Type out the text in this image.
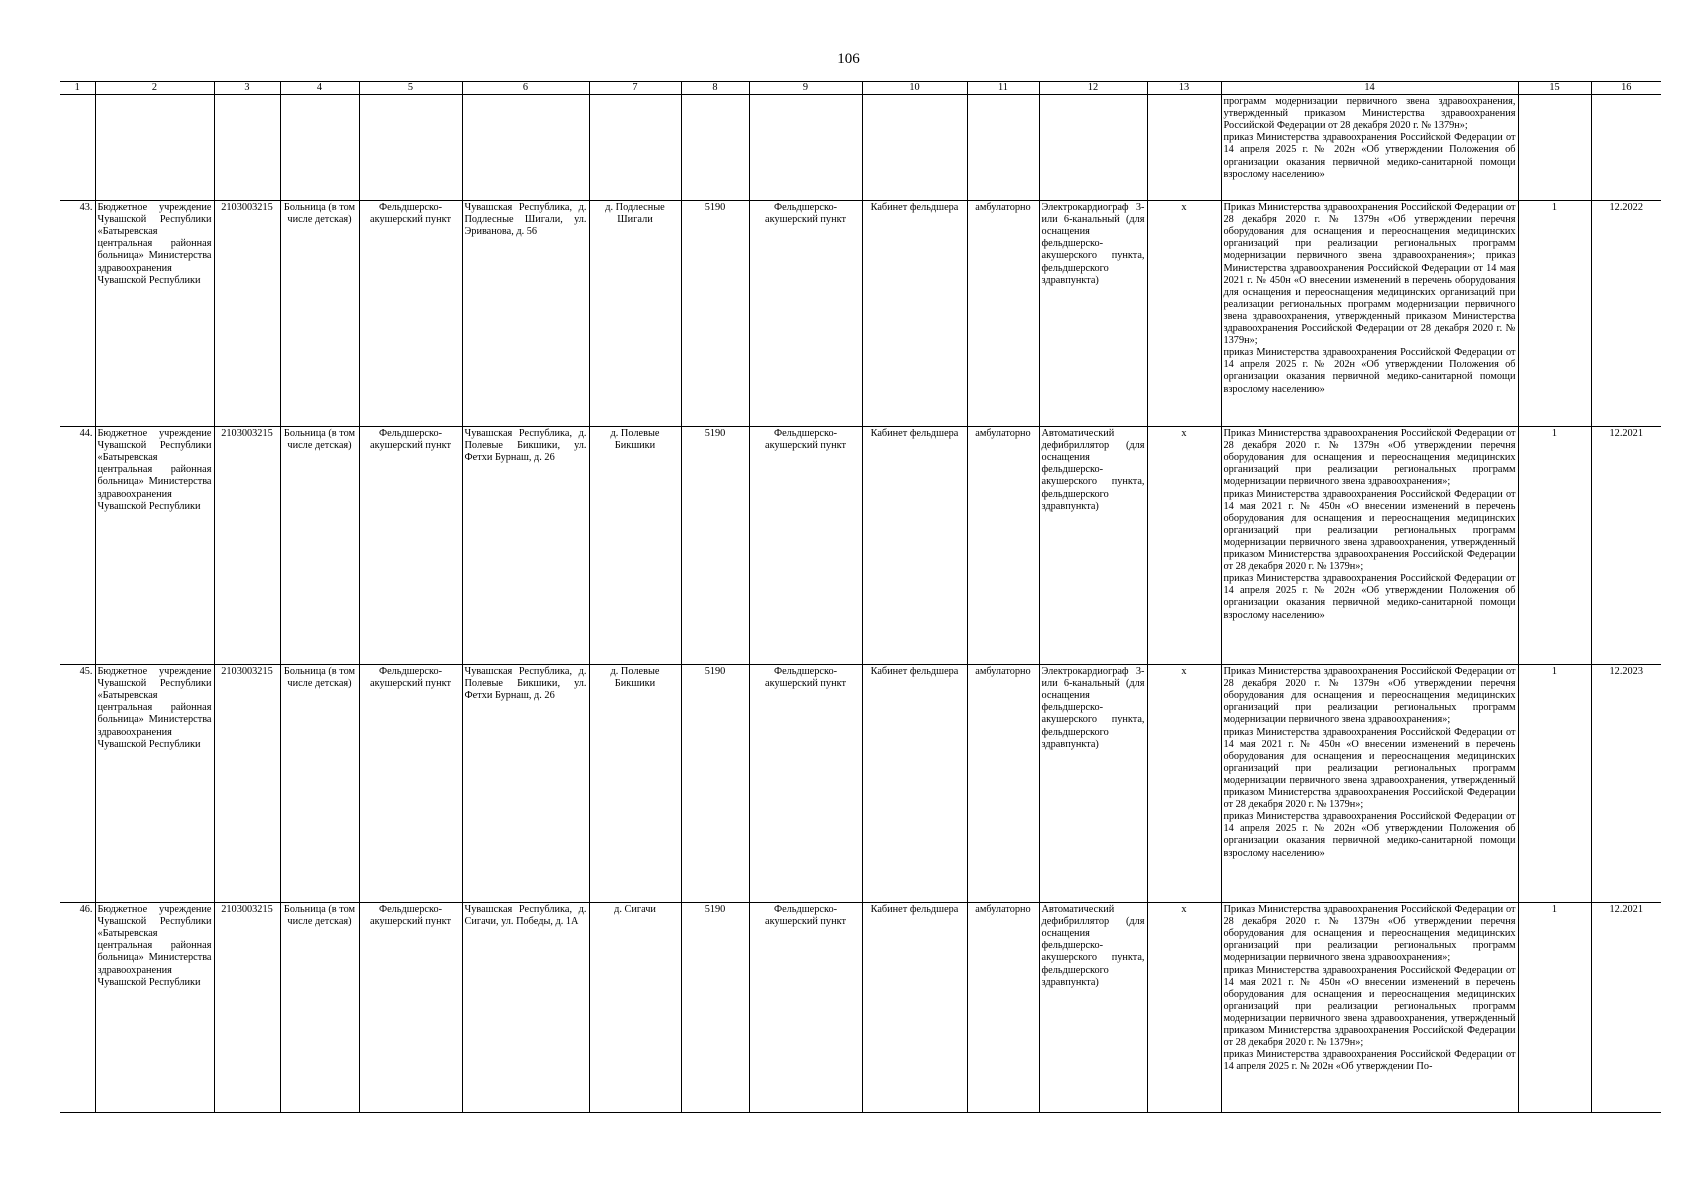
106
1	2	3	4	5	6	7	8	9	10	11	12	13	14	15	16
													программ модернизации первичного звена здравоохранения, утвержденный приказом Министерства здравоохранения Российской Федерации от 28 декабря 2020 г. № 1379н»;
приказ Министерства здравоохранения Российской Федерации от 14 апреля 2025 г. № 202н «Об утверждении Положения об организации оказания первичной медико-санитарной помощи взрослому населению»		
43.	Бюджетное учреждение Чувашской Республики «Батыревская центральная районная больница» Министерства здравоохранения Чувашской Республики	2103003215	Больница (в том числе детская)	Фельдшерско-акушерский пункт	Чувашская Республика, д. Подлесные Шигали, ул. Эриванова, д. 56	д. Подлесные Шигали	5190	Фельдшерско-акушерский пункт	Кабинет фельдшера	амбулаторно	Электрокардиограф 3- или 6-канальный (для оснащения фельдшерско-акушерского пункта, фельдшерского здравпункта)	х	Приказ Министерства здравоохранения Российской Федерации от 28 декабря 2020 г. № 1379н «Об утверждении перечня оборудования для оснащения и переоснащения медицинских организаций при реализации региональных программ модернизации первичного звена здравоохранения»; приказ Министерства здравоохранения Российской Федерации от 14 мая 2021 г. № 450н «О внесении изменений в перечень оборудования для оснащения и переоснащения медицинских организаций при реализации региональных программ модернизации первичного звена здравоохранения, утвержденный приказом Министерства здравоохранения Российской Федерации от 28 декабря 2020 г. № 1379н»;
приказ Министерства здравоохранения Российской Федерации от 14 апреля 2025 г. № 202н «Об утверждении Положения об организации оказания первичной медико-санитарной помощи взрослому населению»	1	12.2022
44.	Бюджетное учреждение Чувашской Республики «Батыревская центральная районная больница» Министерства здравоохранения Чувашской Республики	2103003215	Больница (в том числе детская)	Фельдшерско-акушерский пункт	Чувашская Республика, д. Полевые Бикшики, ул. Фетхи Бурнаш, д. 26	д. Полевые Бикшики	5190	Фельдшерско-акушерский пункт	Кабинет фельдшера	амбулаторно	Автоматический дефибриллятор (для оснащения фельдшерско-акушерского пункта, фельдшерского здравпункта)	х	Приказ Министерства здравоохранения Российской Федерации от 28 декабря 2020 г. № 1379н «Об утверждении перечня оборудования для оснащения и переоснащения медицинских организаций при реализации региональных программ модернизации первичного звена здравоохранения»;
приказ Министерства здравоохранения Российской Федерации от 14 мая 2021 г. № 450н «О внесении изменений в перечень оборудования для оснащения и переоснащения медицинских организаций при реализации региональных программ модернизации первичного звена здравоохранения, утвержденный приказом Министерства здравоохранения Российской Федерации от 28 декабря 2020 г. № 1379н»;
приказ Министерства здравоохранения Российской Федерации от 14 апреля 2025 г. № 202н «Об утверждении Положения об организации оказания первичной медико-санитарной помощи взрослому населению»	1	12.2021
45.	Бюджетное учреждение Чувашской Республики «Батыревская центральная районная больница» Министерства здравоохранения Чувашской Республики	2103003215	Больница (в том числе детская)	Фельдшерско-акушерский пункт	Чувашская Республика, д. Полевые Бикшики, ул. Фетхи Бурнаш, д. 26	д. Полевые Бикшики	5190	Фельдшерско-акушерский пункт	Кабинет фельдшера	амбулаторно	Электрокардиограф 3- или 6-канальный (для оснащения фельдшерско-акушерского пункта, фельдшерского здравпункта)	х	Приказ Министерства здравоохранения Российской Федерации от 28 декабря 2020 г. № 1379н «Об утверждении перечня оборудования для оснащения и переоснащения медицинских организаций при реализации региональных программ модернизации первичного звена здравоохранения»;
приказ Министерства здравоохранения Российской Федерации от 14 мая 2021 г. № 450н «О внесении изменений в перечень оборудования для оснащения и переоснащения медицинских организаций при реализации региональных программ модернизации первичного звена здравоохранения, утвержденный приказом Министерства здравоохранения Российской Федерации от 28 декабря 2020 г. № 1379н»;
приказ Министерства здравоохранения Российской Федерации от 14 апреля 2025 г. № 202н «Об утверждении Положения об организации оказания первичной медико-санитарной помощи взрослому населению»	1	12.2023
46.	Бюджетное учреждение Чувашской Республики «Батыревская центральная районная больница» Министерства здравоохранения Чувашской Республики	2103003215	Больница (в том числе детская)	Фельдшерско-акушерский пункт	Чувашская Республика, д. Сигачи, ул. Победы, д. 1А	д. Сигачи	5190	Фельдшерско-акушерский пункт	Кабинет фельдшера	амбулаторно	Автоматический дефибриллятор (для оснащения фельдшерско-акушерского пункта, фельдшерского здравпункта)	х	Приказ Министерства здравоохранения Российской Федерации от 28 декабря 2020 г. № 1379н «Об утверждении перечня оборудования для оснащения и переоснащения медицинских организаций при реализации региональных программ модернизации первичного звена здравоохранения»;
приказ Министерства здравоохранения Российской Федерации от 14 мая 2021 г. № 450н «О внесении изменений в перечень оборудования для оснащения и переоснащения медицинских организаций при реализации региональных программ модернизации первичного звена здравоохранения, утвержденный приказом Министерства здравоохранения Российской Федерации от 28 декабря 2020 г. № 1379н»;
приказ Министерства здравоохранения Российской Федерации от 14 апреля 2025 г. № 202н «Об утверждении По-	1	12.2021
